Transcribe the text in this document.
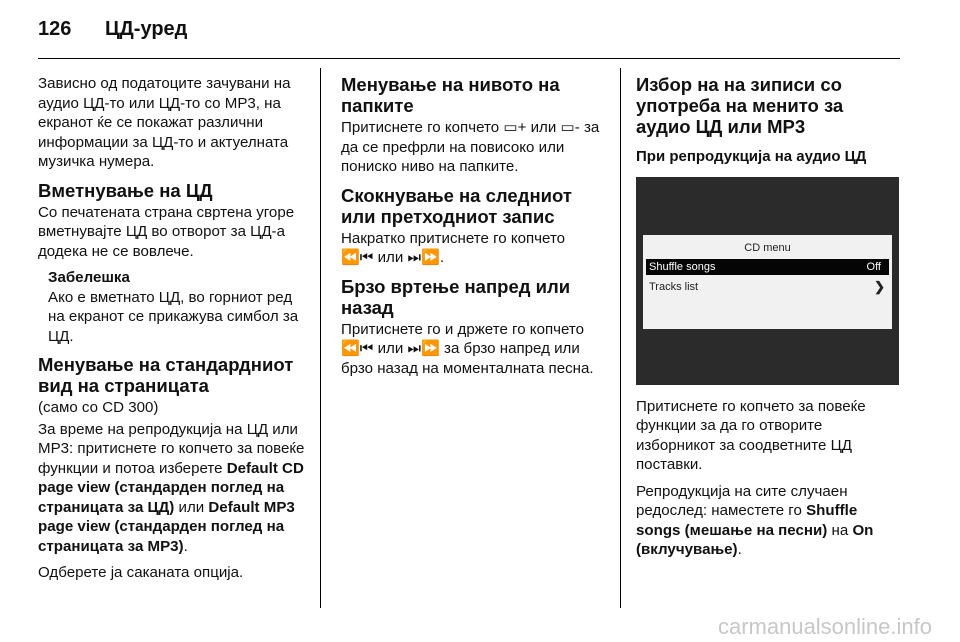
126 ЦД-уред

Зависно од податоците зачувани на аудио ЦД-то или ЦД-то со MP3, на екранот ќе се покажат различни информации за ЦД-то и актуелната музичка нумера.

Вметнување на ЦД

Со печатената страна свртена угоре вметнувајте ЦД во отворот за ЦД-а додека не се вовлече.

Забелешка
Ако е вметнато ЦД, во горниот ред на екранот се прикажува симбол за ЦД.
Менување на стандардниот вид на страницата

(само со CD 300)

За време на репродукција на ЦД или MP3: притиснете го копчето за повеќе функции и потоа изберете Default CD page view (стандарден поглед на страницата за ЦД) или Default MP3 page view (стандарден поглед на страницата за MP3).

Одберете ја саканата опција.

Менување на нивото на папките

Притиснете го копчето ▭+ или ▭- за да се префрли на повисоко или пониско ниво на папките.

Скокнување на следниот или претходниот запис

Накратко притиснете го копчето
⏪⏮ или ⏭⏩.

Брзо вртење напред или назад

Притиснете го и држете го копчето
⏪⏮ или ⏭⏩ за брзо напред или брзо назад на моменталната песна.

Избор на на зиписи со употреба на менито за аудио ЦД или MP3
При репродукција на аудио ЦД
CD menu
Shuffle songs	Off
Tracks list	❯

Притиснете го копчето за повеќе функции за да го отворите изборникот за соодветните ЦД поставки.

Репродукција на сите случаен редослед: наместете го Shuffle songs (мешање на песни) на On (вклучување).

carmanualsonline.info
